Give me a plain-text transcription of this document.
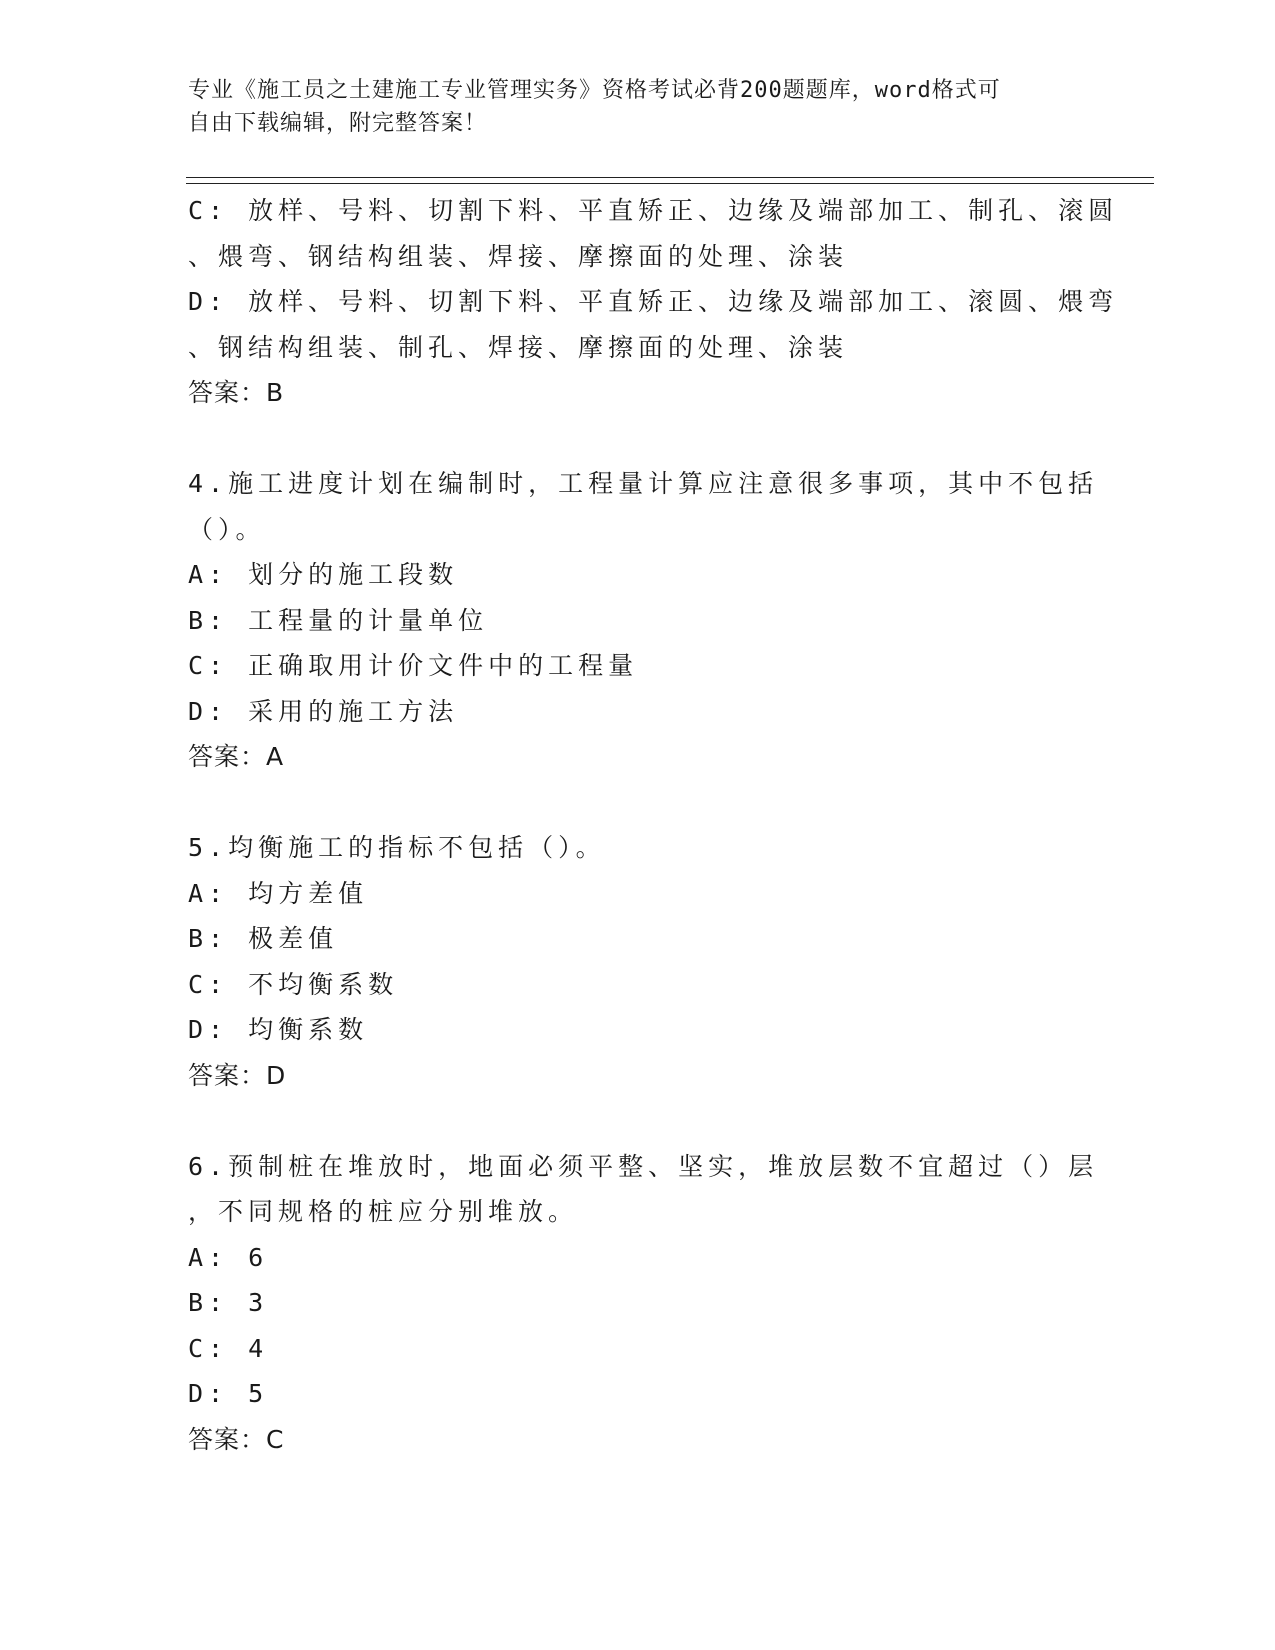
专业《施工员之土建施工专业管理实务》资格考试必背200题题库，word格式可
自由下载编辑，附完整答案！
C: 放样、号料、切割下料、平直矫正、边缘及端部加工、制孔、滚圆
、煨弯、钢结构组装、焊接、摩擦面的处理、涂装
D: 放样、号料、切割下料、平直矫正、边缘及端部加工、滚圆、煨弯
、钢结构组装、制孔、焊接、摩擦面的处理、涂装
答案：B
4.施工进度计划在编制时，工程量计算应注意很多事项，其中不包括
（）。
A: 划分的施工段数
B: 工程量的计量单位
C: 正确取用计价文件中的工程量
D: 采用的施工方法
答案：A
5.均衡施工的指标不包括（）。
A: 均方差值
B: 极差值
C: 不均衡系数
D: 均衡系数
答案：D
6.预制桩在堆放时，地面必须平整、坚实，堆放层数不宜超过（）层
，不同规格的桩应分别堆放。
A: 6
B: 3
C: 4
D: 5
答案：C
